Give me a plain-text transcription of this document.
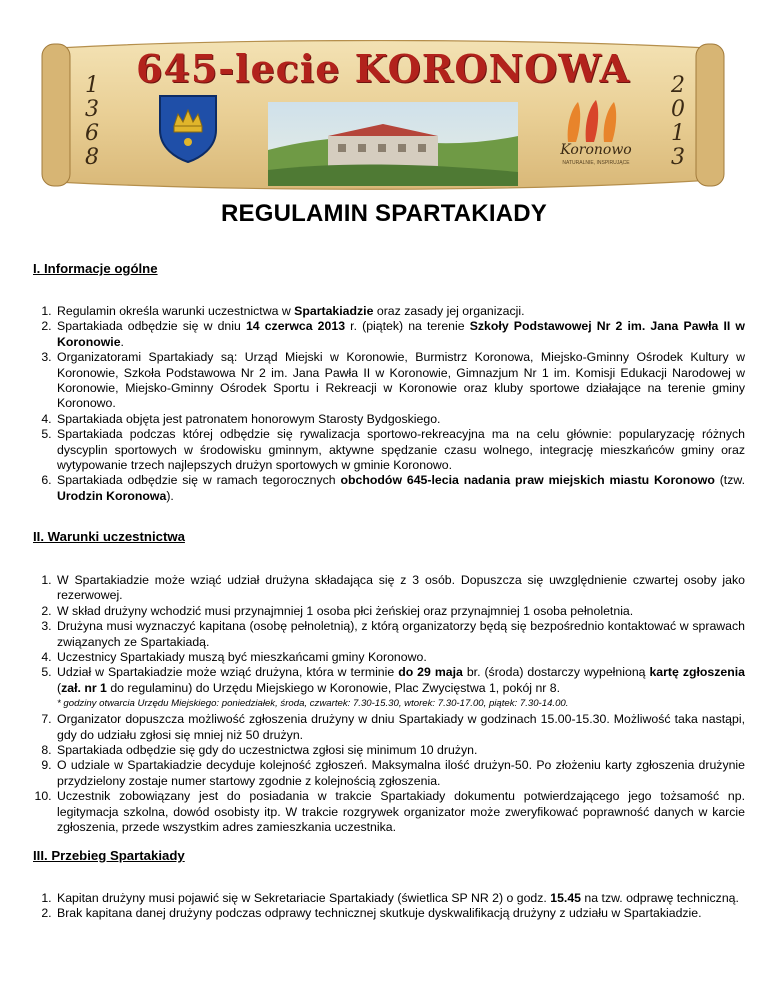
645-lecie KORONOWA
1
3
6
8
2
0
1
3
Koronowo
NATURALNIE, INSPIRUJĄCE
REGULAMIN SPARTAKIADY
I. Informacje ogólne
1. Regulamin określa warunki uczestnictwa w Spartakiadzie oraz zasady jej organizacji.
2. Spartakiada odbędzie się w dniu 14 czerwca 2013 r. (piątek) na terenie Szkoły Podstawowej Nr 2 im. Jana Pawła II w Koronowie.
3. Organizatorami Spartakiady są: Urząd Miejski w Koronowie, Burmistrz Koronowa, Miejsko-Gminny Ośrodek Kultury w Koronowie, Szkoła Podstawowa Nr 2 im. Jana Pawła II w Koronowie, Gimnazjum Nr 1 im. Komisji Edukacji Narodowej w Koronowie, Miejsko-Gminny Ośrodek Sportu i Rekreacji w Koronowie oraz kluby sportowe działające na terenie gminy Koronowo.
4. Spartakiada objęta jest patronatem honorowym Starosty Bydgoskiego.
5. Spartakiada podczas której odbędzie się rywalizacja sportowo-rekreacyjna ma na celu głównie: popularyzację różnych dyscyplin sportowych w środowisku gminnym, aktywne spędzanie czasu wolnego, integrację mieszkańców gminy oraz wytypowanie trzech najlepszych drużyn sportowych w gminie Koronowo.
6. Spartakiada odbędzie się w ramach tegorocznych obchodów 645-lecia nadania praw miejskich miastu Koronowo (tzw. Urodzin Koronowa).
II. Warunki uczestnictwa
1. W Spartakiadzie może wziąć udział drużyna składająca się z 3 osób. Dopuszcza się uwzględnienie czwartej osoby jako rezerwowej.
2. W skład drużyny wchodzić musi przynajmniej 1 osoba płci żeńskiej oraz przynajmniej 1 osoba pełnoletnia.
3. Drużyna musi wyznaczyć kapitana (osobę pełnoletnią), z którą organizatorzy będą się bezpośrednio kontaktować w sprawach związanych ze Spartakiadą.
4. Uczestnicy Spartakiady muszą być mieszkańcami gminy Koronowo.
5. Udział w Spartakiadzie może wziąć drużyna, która w terminie do 29 maja br. (środa) dostarczy wypełnioną kartę zgłoszenia (zał. nr 1 do regulaminu) do Urzędu Miejskiego w Koronowie, Plac Zwycięstwa 1, pokój nr 8.
* godziny otwarcia Urzędu Miejskiego: poniedziałek, środa, czwartek: 7.30-15.30, wtorek: 7.30-17.00, piątek: 7.30-14.00.
7. Organizator dopuszcza możliwość zgłoszenia drużyny w dniu Spartakiady w godzinach 15.00-15.30. Możliwość taka nastąpi, gdy do udziału zgłosi się mniej niż 50 drużyn.
8. Spartakiada odbędzie się gdy do uczestnictwa zgłosi się minimum 10 drużyn.
9. O udziale w Spartakiadzie decyduje kolejność zgłoszeń. Maksymalna ilość drużyn-50. Po złożeniu karty zgłoszenia drużynie przydzielony zostaje numer startowy zgodnie z kolejnością zgłoszenia.
10. Uczestnik zobowiązany jest do posiadania w trakcie Spartakiady dokumentu potwierdzającego jego tożsamość np. legitymacja szkolna, dowód osobisty itp. W trakcie rozgrywek organizator może zweryfikować poprawność danych w karcie zgłoszenia, przede wszystkim adres zamieszkania uczestnika.
III. Przebieg Spartakiady
1. Kapitan drużyny musi pojawić się w Sekretariacie Spartakiady (świetlica SP NR 2) o godz. 15.45 na tzw. odprawę techniczną.
2. Brak kapitana danej drużyny podczas odprawy technicznej skutkuje dyskwalifikacją drużyny z udziału w Spartakiadzie.
